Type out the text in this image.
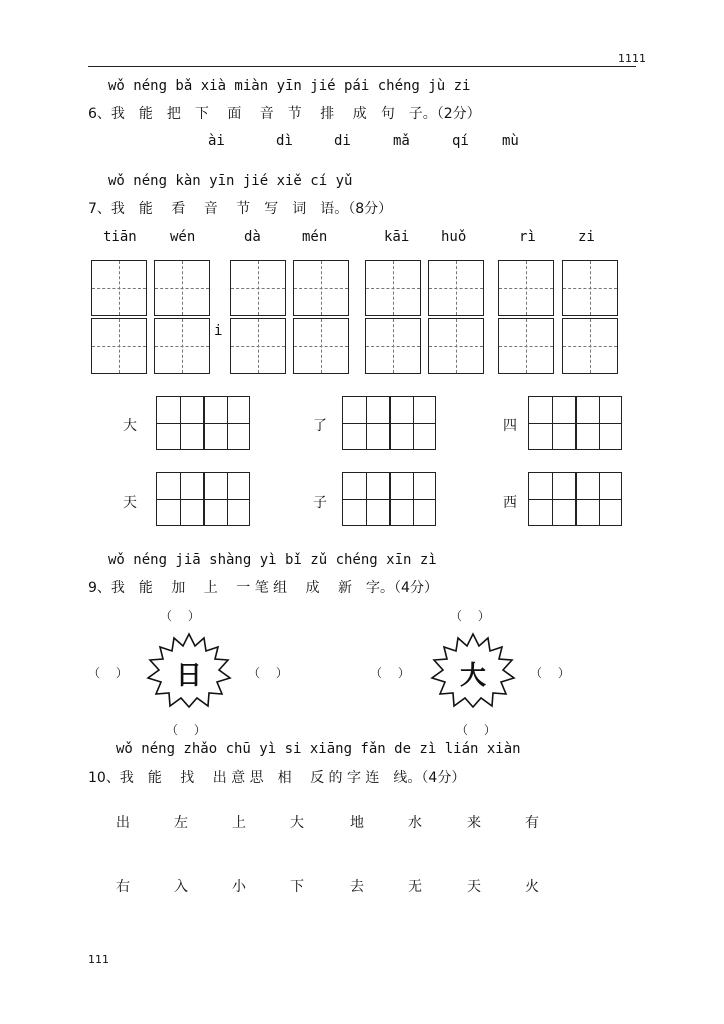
1111
wǒ néng bǎ xià miàn yīn jié pái chéng jù zi
6、我　能　把　下　 面　 音　节　 排　 成　句　子。（2分）
ài	dì	di	mǎ	qí mù
wǒ néng kàn yīn jié xiě cí yǔ
7、我　能　 看　 音　 节　写　词　语。（8分）
tiān wén	dà	mén	kāi huǒ	rì	zi
i
大	了	四
天	子	西
wǒ néng jiā shàng yì bǐ zǔ chéng xīn zì
9、我　能　 加　 上　 一 笔 组　 成　 新　字。（4分）
（　 ）
（　 ）	（　 ）
（　 ）
日
（　 ）
（　 ）	（　 ）
（　 ）
大
wǒ néng zhǎo chū yì si xiāng fǎn de zì lián xiàn
10、我　能　 找　 出 意 思　相　 反 的 字 连　线。（4分）
出	左	上	大	地	水	来	有
右	入	小	下	去	无	天	火
111
